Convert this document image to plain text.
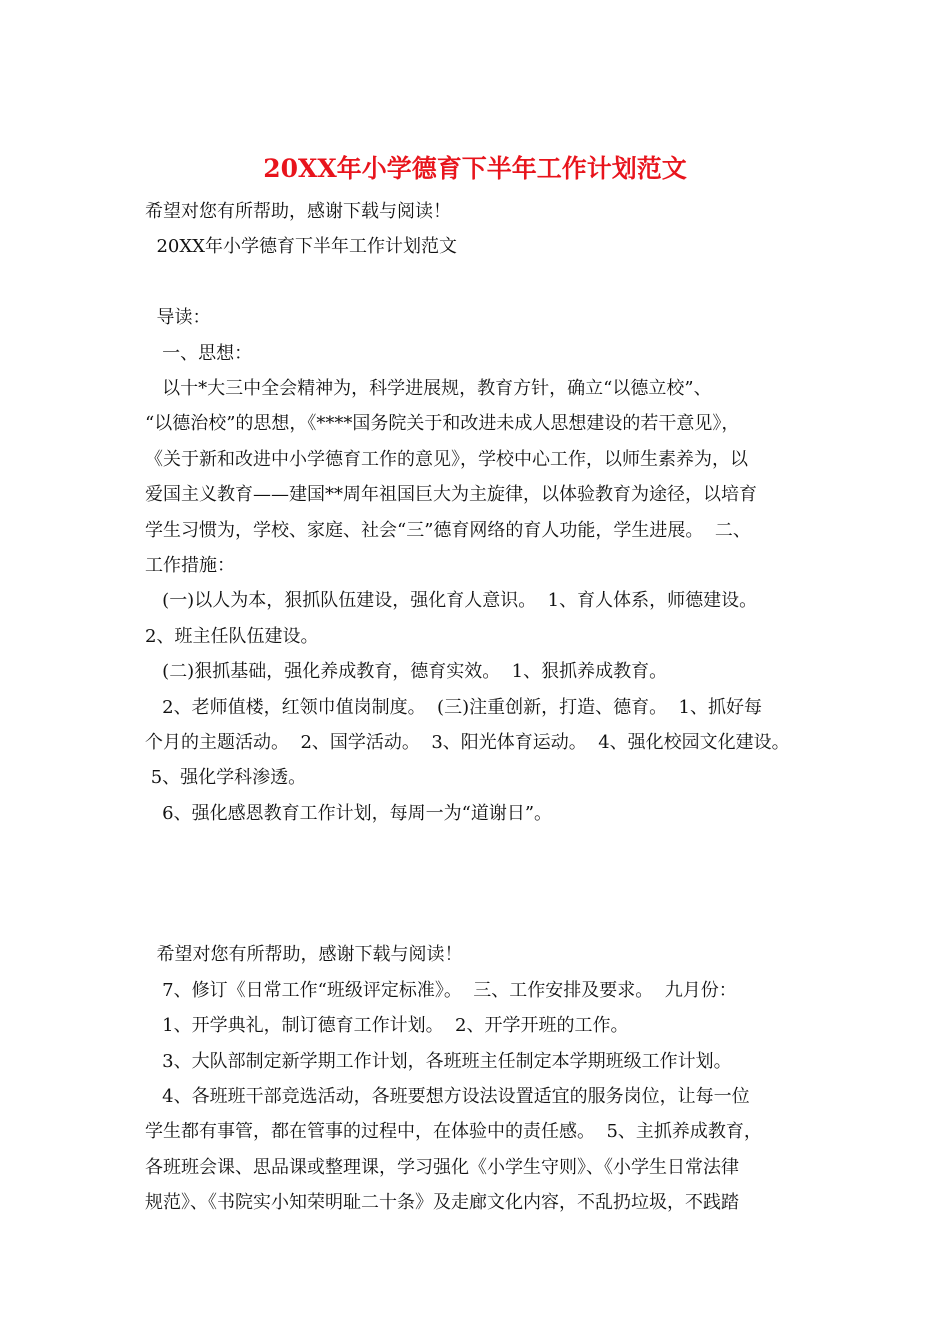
20XX年小学德育下半年工作计划范文
希望对您有所帮助，感谢下载与阅读！
20XX年小学德育下半年工作计划范文
导读：
一、思想：
以十*大三中全会精神为，科学进展规，教育方针，确立“以德立校”、
“以德治校”的思想，《****国务院关于和改进未成人思想建设的若干意见》，
《关于新和改进中小学德育工作的意见》，学校中心工作，以师生素养为，以
爱国主义教育——建国**周年祖国巨大为主旋律，以体验教育为途径，以培育
学生习惯为，学校、家庭、社会“三”德育网络的育人功能，学生进展。  二、
工作措施：
(一)以人为本，狠抓队伍建设，强化育人意识。  1、育人体系，师德建设。
2、班主任队伍建设。
(二)狠抓基础，强化养成教育，德育实效。  1、狠抓养成教育。
2、老师值楼，红领巾值岗制度。  (三)注重创新，打造、德育。  1、抓好每
个月的主题活动。  2、国学活动。  3、阳光体育运动。  4、强化校园文化建设。
5、强化学科渗透。
6、强化感恩教育工作计划，每周一为“道谢日”。
希望对您有所帮助，感谢下载与阅读！
7、修订《日常工作“班级评定标准》。  三、工作安排及要求。  九月份：
1、开学典礼，制订德育工作计划。  2、开学开班的工作。
3、大队部制定新学期工作计划，各班班主任制定本学期班级工作计划。
4、各班班干部竞选活动，各班要想方设法设置适宜的服务岗位，让每一位
学生都有事管，都在管事的过程中，在体验中的责任感。  5、主抓养成教育，
各班班会课、思品课或整理课，学习强化《小学生守则》、《小学生日常法律
规范》、《书院实小知荣明耻二十条》及走廊文化内容，不乱扔垃圾，不践踏
